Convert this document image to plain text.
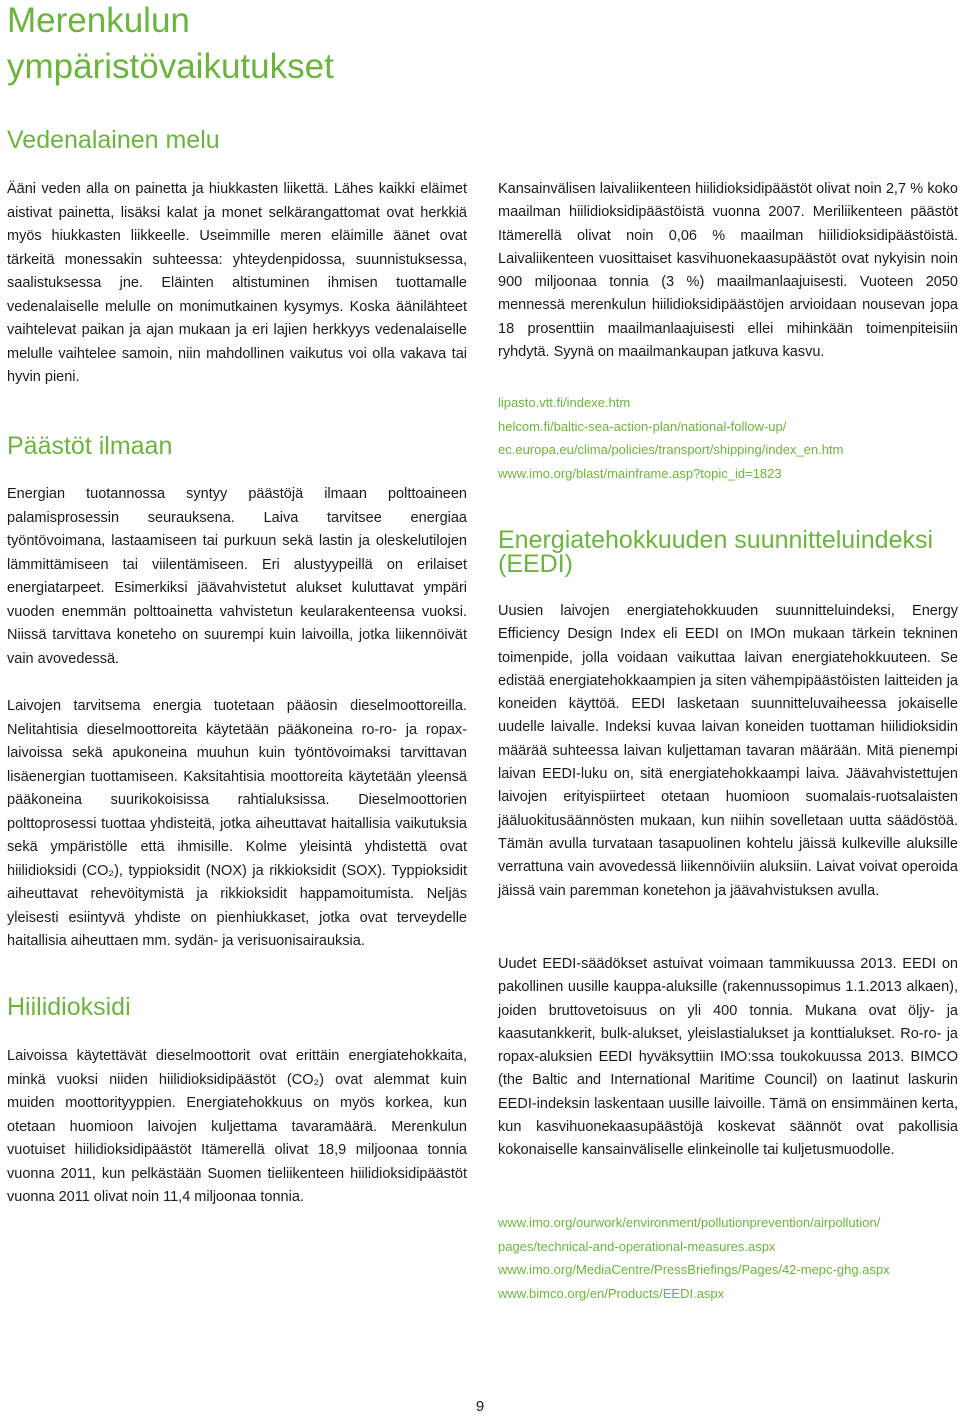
Merenkulun ympäristövaikutukset
Vedenalainen melu

Ääni veden alla on painetta ja hiukkasten liikettä. Lähes kaikki eläimet aistivat painetta, lisäksi kalat ja monet selkärangattomat ovat herkkiä myös hiukkasten liikkeelle. Useimmille meren eläimille äänet ovat tärkeitä monessakin suhteessa: yhteydenpidossa, suunnistuksessa, saalistuksessa jne. Eläinten altistuminen ihmisen tuottamalle vedenalaiselle melulle on monimutkainen kysymys. Koska äänilähteet vaihtelevat paikan ja ajan mukaan ja eri lajien herkkyys vedenalaiselle melulle vaihtelee samoin, niin mahdollinen vaikutus voi olla vakava tai hyvin pieni.

Päästöt ilmaan

Energian tuotannossa syntyy päästöjä ilmaan polttoaineen palamisprosessin seurauksena. Laiva tarvitsee energiaa työntövoimana, lastaamiseen tai purkuun sekä lastin ja oleskelutilojen lämmittämiseen tai viilentämiseen. Eri alustyypeillä on erilaiset energiatarpeet. Esimerkiksi jäävahvistetut alukset kuluttavat ympäri vuoden enemmän polttoainetta vahvistetun keularakenteensa vuoksi. Niissä tarvittava koneteho on suurempi kuin laivoilla, jotka liikennöivät vain avovedessä.

Laivojen tarvitsema energia tuotetaan pääosin dieselmoottoreilla. Nelitahtisia dieselmoottoreita käytetään pääkoneina ro-ro- ja ropax-laivoissa sekä apukoneina muuhun kuin työntövoimaksi tarvittavan lisäenergian tuottamiseen. Kaksitahtisia moottoreita käytetään yleensä pääkoneina suurikokoisissa rahtialuksissa. Dieselmoottorien polttoprosessi tuottaa yhdisteitä, jotka aiheuttavat haitallisia vaikutuksia sekä ympäristölle että ihmisille. Kolme yleisintä yhdistettä ovat hiilidioksidi (CO₂), typpioksidit (NOX) ja rikkioksidit (SOX). Typpioksidit aiheuttavat rehevöitymistä ja rikkioksidit happamoitumista. Neljäs yleisesti esiintyvä yhdiste on pienhiukkaset, jotka ovat terveydelle haitallisia aiheuttaen mm. sydän- ja verisuonisairauksia.

Hiilidioksidi

Laivoissa käytettävät dieselmoottorit ovat erittäin energiatehokkaita, minkä vuoksi niiden hiilidioksidipäästöt (CO₂) ovat alemmat kuin muiden moottorityyppien. Energiatehokkuus on myös korkea, kun otetaan huomioon laivojen kuljettama tavaramäärä. Merenkulun vuotuiset hiilidioksidipäästöt Itämerellä olivat 18,9 miljoonaa tonnia vuonna 2011, kun pelkästään Suomen tieliikenteen hiilidioksidipäästöt vuonna 2011 olivat noin 11,4 miljoonaa tonnia.

Kansainvälisen laivaliikenteen hiilidioksidipäästöt olivat noin 2,7 % koko maailman hiilidioksidipäästöistä vuonna 2007. Meriliikenteen päästöt Itämerellä olivat noin 0,06 % maailman hiilidioksidipäästöistä. Laivaliikenteen vuosittaiset kasvihuonekaasupäästöt ovat nykyisin noin 900 miljoonaa tonnia (3 %) maailmanlaajuisesti. Vuoteen 2050 mennessä merenkulun hiilidioksidipäästöjen arvioidaan nousevan jopa 18 prosenttiin maailmanlaajuisesti ellei mihinkään toimenpiteisiin ryhdytä. Syynä on maailmankaupan jatkuva kasvu.

lipasto.vtt.fi/indexe.htm
helcom.fi/baltic-sea-action-plan/national-follow-up/
ec.europa.eu/clima/policies/transport/shipping/index_en.htm
www.imo.org/blast/mainframe.asp?topic_id=1823
Energiatehokkuuden suunnitteluindeksi (EEDI)

Uusien laivojen energiatehokkuuden suunnitteluindeksi, Energy Efficiency Design Index eli EEDI on IMOn mukaan tärkein tekninen toimenpide, jolla voidaan vaikuttaa laivan energiatehokkuuteen. Se edistää energiatehokkaampien ja siten vähempipäästöisten laitteiden ja koneiden käyttöä. EEDI lasketaan suunnitteluvaiheessa jokaiselle uudelle laivalle. Indeksi kuvaa laivan koneiden tuottaman hiilidioksidin määrää suhteessa laivan kuljettaman tavaran määrään. Mitä pienempi laivan EEDI-luku on, sitä energiatehokkaampi laiva. Jäävahvistettujen laivojen erityispiirteet otetaan huomioon suomalais-ruotsalaisten jääluokitusäännösten mukaan, kun niihin sovelletaan uutta säädöstöä. Tämän avulla turvataan tasapuolinen kohtelu jäissä kulkeville aluksille verrattuna vain avovedessä liikennöiviin aluksiin. Laivat voivat operoida jäissä vain paremman konetehon ja jäävahvistuksen avulla.

Uudet EEDI-säädökset astuivat voimaan tammikuussa 2013. EEDI on pakollinen uusille kauppa-aluksille (rakennussopimus 1.1.2013 alkaen), joiden bruttovetoisuus on yli 400 tonnia. Mukana ovat öljy- ja kaasutankkerit, bulk-alukset, yleislastialukset ja konttialukset. Ro-ro- ja ropax-aluksien EEDI hyväksyttiin IMO:ssa toukokuussa 2013. BIMCO (the Baltic and International Maritime Council) on laatinut laskurin EEDI-indeksin laskentaan uusille laivoille. Tämä on ensimmäinen kerta, kun kasvihuonekaasupäästöjä koskevat säännöt ovat pakollisia kokonaiselle kansainväliselle elinkeinolle tai kuljetusmuodolle.

www.imo.org/ourwork/environment/pollutionprevention/airpollution/
pages/technical-and-operational-measures.aspx
www.imo.org/MediaCentre/PressBriefings/Pages/42-mepc-ghg.aspx
www.bimco.org/en/Products/EEDI.aspx
9
